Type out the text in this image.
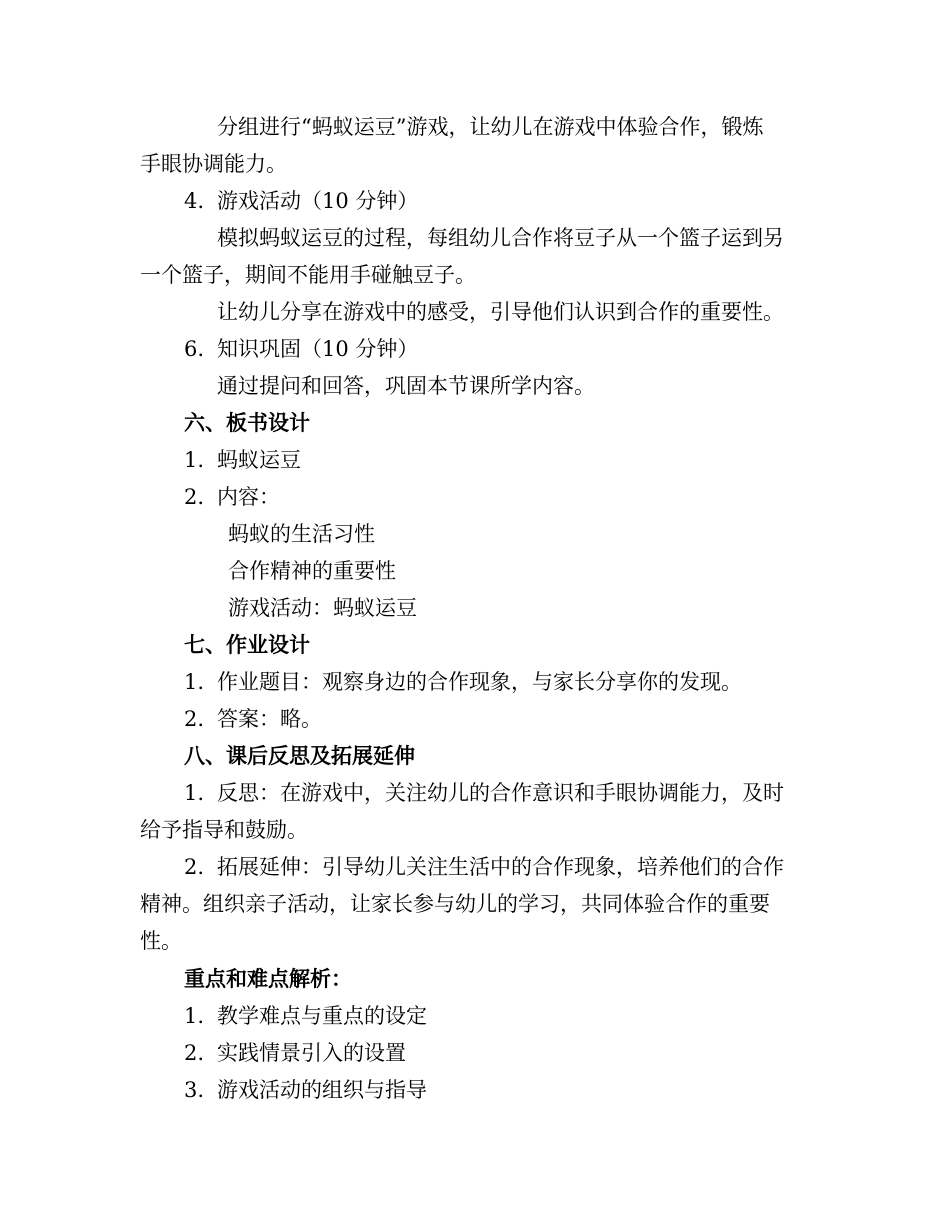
分组进行“蚂蚁运豆”游戏，让幼儿在游戏中体验合作，锻炼
手眼协调能力。
4. 游戏活动（10 分钟）
模拟蚂蚁运豆的过程，每组幼儿合作将豆子从一个篮子运到另
一个篮子，期间不能用手碰触豆子。
让幼儿分享在游戏中的感受，引导他们认识到合作的重要性。
6. 知识巩固（10 分钟）
通过提问和回答，巩固本节课所学内容。
六、板书设计
1. 蚂蚁运豆
2. 内容：
蚂蚁的生活习性
合作精神的重要性
游戏活动：蚂蚁运豆
七、作业设计
1. 作业题目：观察身边的合作现象，与家长分享你的发现。
2. 答案：略。
八、课后反思及拓展延伸
1. 反思：在游戏中，关注幼儿的合作意识和手眼协调能力，及时
给予指导和鼓励。
2. 拓展延伸：引导幼儿关注生活中的合作现象，培养他们的合作
精神。组织亲子活动，让家长参与幼儿的学习，共同体验合作的重要
性。
重点和难点解析：
1. 教学难点与重点的设定
2. 实践情景引入的设置
3. 游戏活动的组织与指导
